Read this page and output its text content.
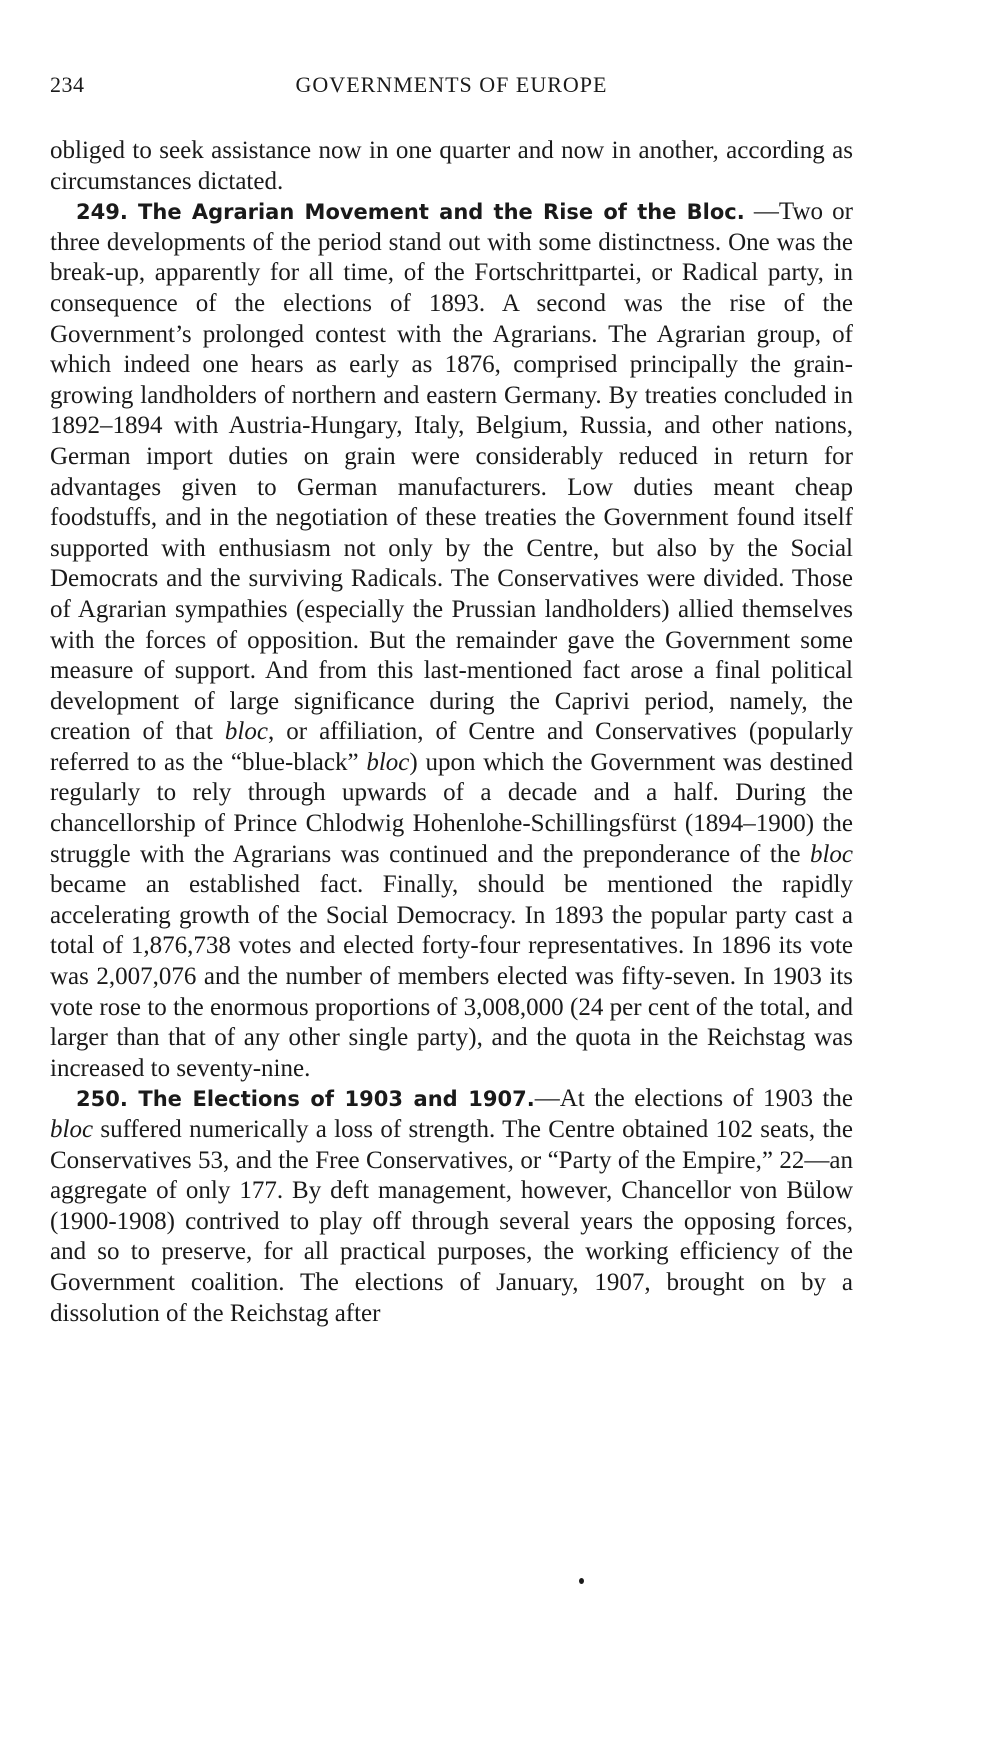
234	GOVERNMENTS OF EUROPE

obliged to seek assistance now in one quarter and now in another, according as circumstances dictated.

249. The Agrarian Movement and the Rise of the Bloc. —Two or three developments of the period stand out with some distinctness. One was the break-up, apparently for all time, of the Fortschrittpartei, or Radical party, in consequence of the elections of 1893. A second was the rise of the Government’s prolonged contest with the Agrarians. The Agrarian group, of which indeed one hears as early as 1876, comprised principally the grain-growing landholders of northern and eastern Germany. By treaties concluded in 1892–1894 with Austria-Hungary, Italy, Belgium, Russia, and other nations, German import duties on grain were considerably reduced in return for advantages given to German manufacturers. Low duties meant cheap foodstuffs, and in the negotiation of these treaties the Government found itself supported with enthusiasm not only by the Centre, but also by the Social Democrats and the surviving Radicals. The Conservatives were divided. Those of Agrarian sympathies (especially the Prussian landholders) allied themselves with the forces of opposition. But the remainder gave the Government some measure of support. And from this last-mentioned fact arose a final political development of large significance during the Caprivi period, namely, the creation of that bloc, or affiliation, of Centre and Conservatives (popularly referred to as the “blue-black” bloc) upon which the Government was destined regularly to rely through upwards of a decade and a half. During the chancellorship of Prince Chlodwig Hohenlohe-Schillingsfürst (1894–1900) the struggle with the Agrarians was continued and the preponderance of the bloc became an established fact. Finally, should be mentioned the rapidly accelerating growth of the Social Democracy. In 1893 the popular party cast a total of 1,876,738 votes and elected forty-four representatives. In 1896 its vote was 2,007,076 and the number of members elected was fifty-seven. In 1903 its vote rose to the enormous proportions of 3,008,000 (24 per cent of the total, and larger than that of any other single party), and the quota in the Reichstag was increased to seventy-nine.

250. The Elections of 1903 and 1907.—At the elections of 1903 the bloc suffered numerically a loss of strength. The Centre obtained 102 seats, the Conservatives 53, and the Free Conservatives, or “Party of the Empire,” 22—an aggregate of only 177. By deft management, however, Chancellor von Bülow (1900-1908) contrived to play off through several years the opposing forces, and so to preserve, for all practical purposes, the working efficiency of the Government coalition. The elections of January, 1907, brought on by a dissolution of the Reichstag after
